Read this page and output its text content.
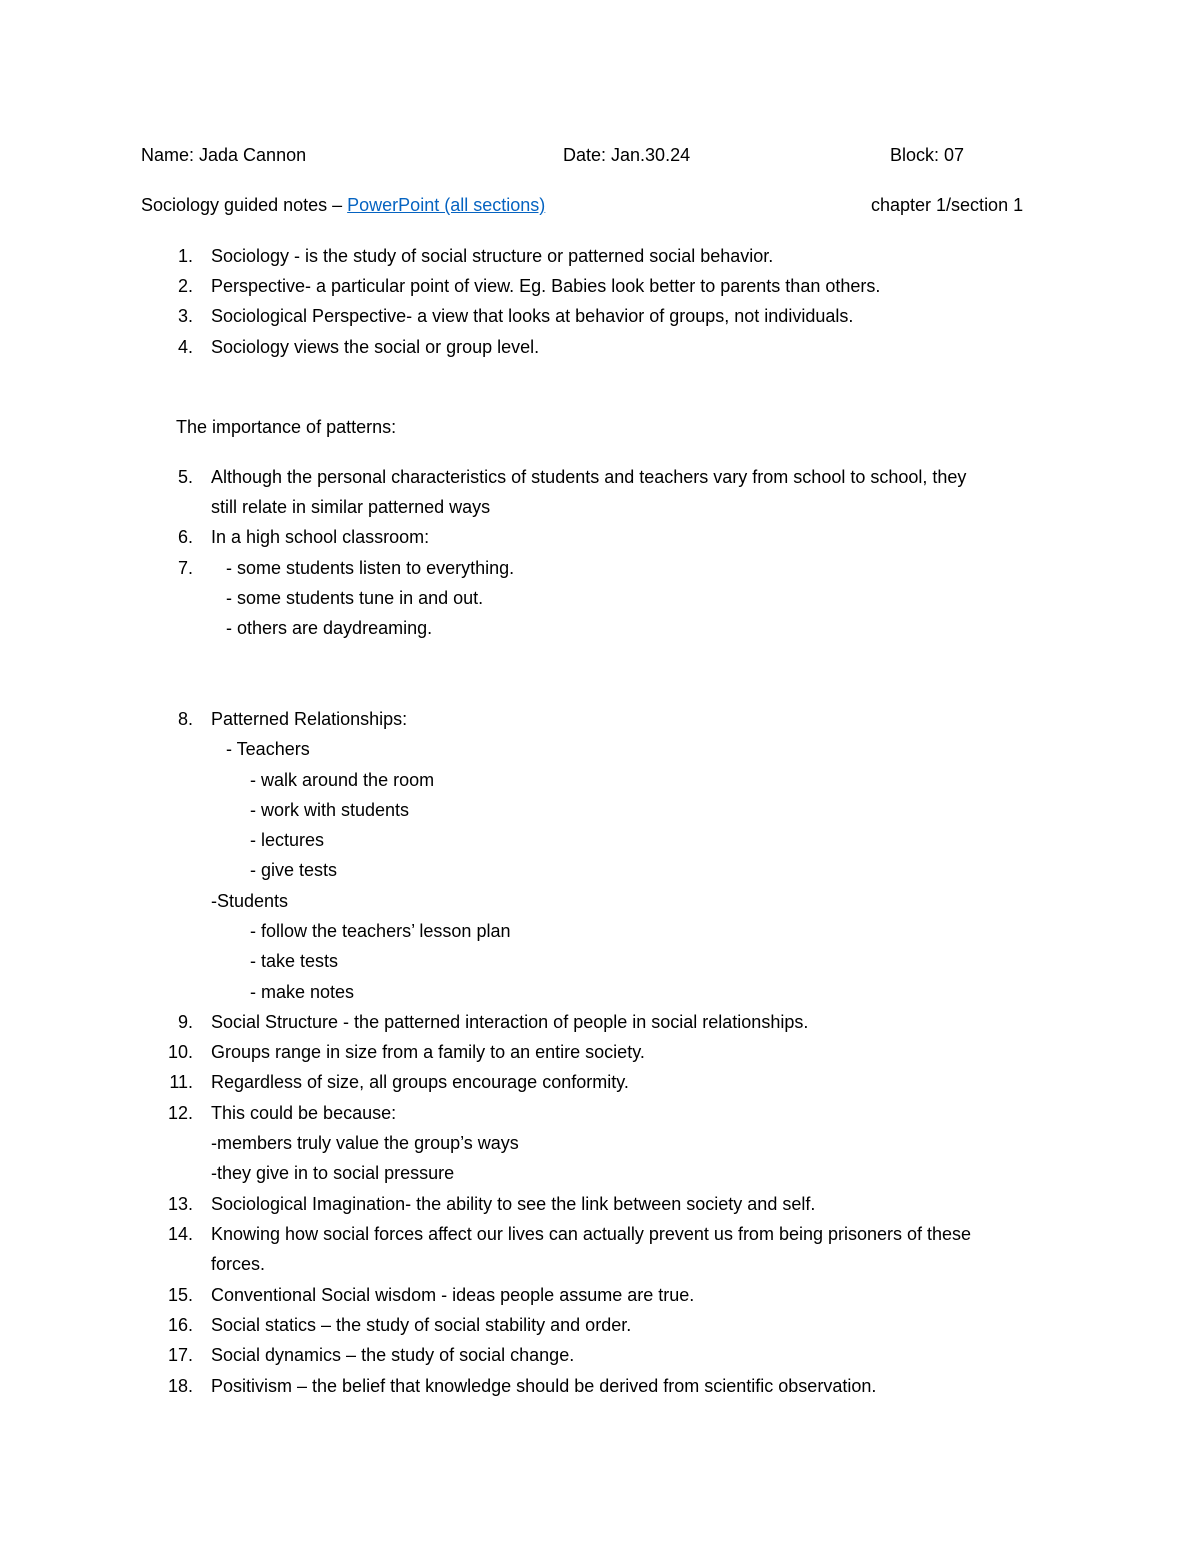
Name: Jada Cannon	Date: Jan.30.24	Block: 07
Sociology guided notes – PowerPoint (all sections)	chapter 1/section 1
1. Sociology - is the study of social structure or patterned social behavior.
2. Perspective- a particular point of view. Eg. Babies look better to parents than others.
3. Sociological Perspective- a view that looks at behavior of groups, not individuals.
4. Sociology views the social or group level.
The importance of patterns:
5. Although the personal characteristics of students and teachers vary from school to school, they
still relate in similar patterned ways
6. In a high school classroom:
7. - some students listen to everything.
- some students tune in and out.
- others are daydreaming.
8. Patterned Relationships:
- Teachers
- walk around the room
- work with students
- lectures
- give tests
-Students
- follow the teachers’ lesson plan
- take tests
- make notes
9. Social Structure - the patterned interaction of people in social relationships.
10. Groups range in size from a family to an entire society.
11. Regardless of size, all groups encourage conformity.
12. This could be because:
-members truly value the group’s ways
-they give in to social pressure
13. Sociological Imagination- the ability to see the link between society and self.
14. Knowing how social forces affect our lives can actually prevent us from being prisoners of these
forces.
15. Conventional Social wisdom - ideas people assume are true.
16. Social statics – the study of social stability and order.
17. Social dynamics – the study of social change.
18. Positivism – the belief that knowledge should be derived from scientific observation.
